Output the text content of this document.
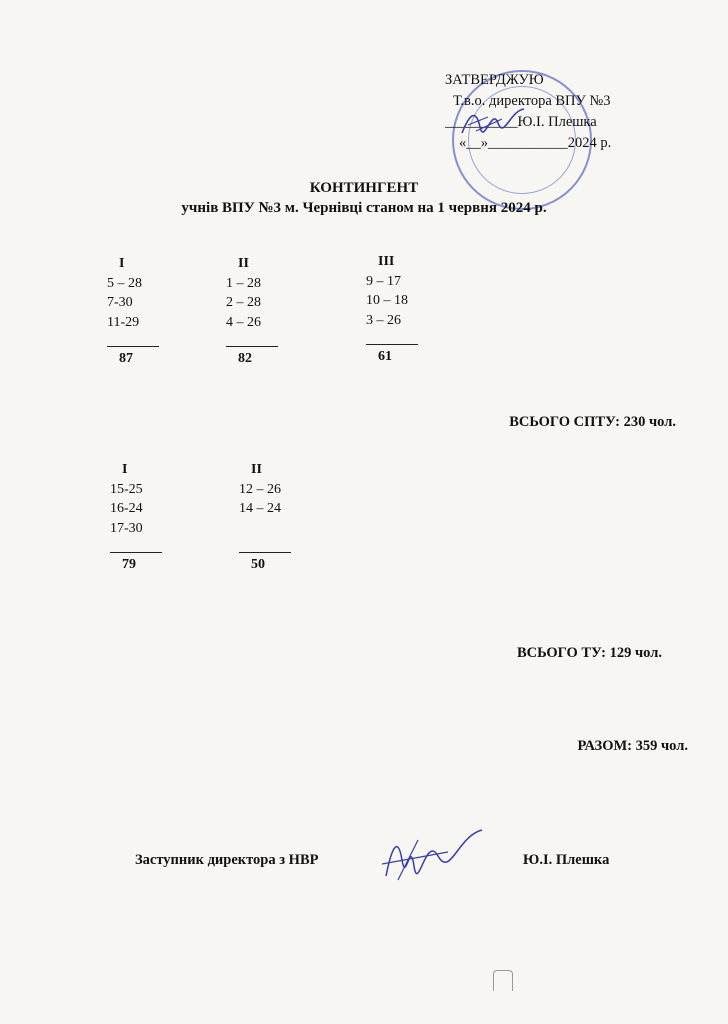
ЗАТВЕРДЖУЮ
Т.в.о. директора ВПУ №3
__________Ю.І. Плешка
«__»___________2024 р.
КОНТИНГЕНТ
учнів ВПУ №3 м. Чернівці станом на 1 червня 2024 р.
I
5 – 28
7-30
11-29
87
II
1 – 28
2 – 28
4 – 26
82
III
9 – 17
10 – 18
3 – 26
61
ВСЬОГО СПТУ: 230 чол.
I
15-25
16-24
17-30
79
II
12 – 26
14 – 24
50
ВСЬОГО ТУ: 129 чол.
РАЗОМ: 359 чол.
Заступник директора з НВР	Ю.І. Плешка
